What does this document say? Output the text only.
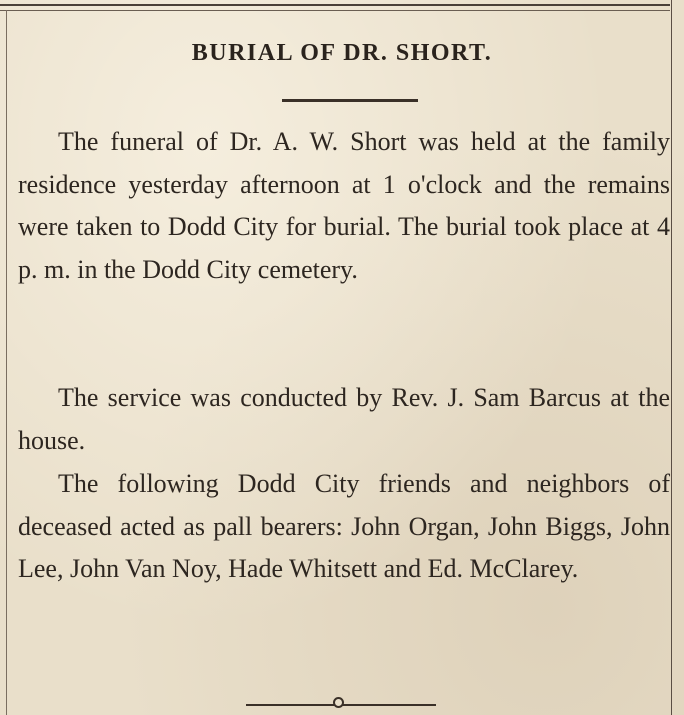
BURIAL OF DR. SHORT.

The funeral of Dr. A. W. Short was held at the family residence yesterday afternoon at 1 o'clock and the remains were taken to Dodd City for burial. The burial took place at 4 p. m. in the Dodd City cemetery.

The service was conducted by Rev. J. Sam Barcus at the house.

The following Dodd City friends and neighbors of deceased acted as pall bearers: John Organ, John Biggs, John Lee, John Van Noy, Hade Whitsett and Ed. McClarey.
